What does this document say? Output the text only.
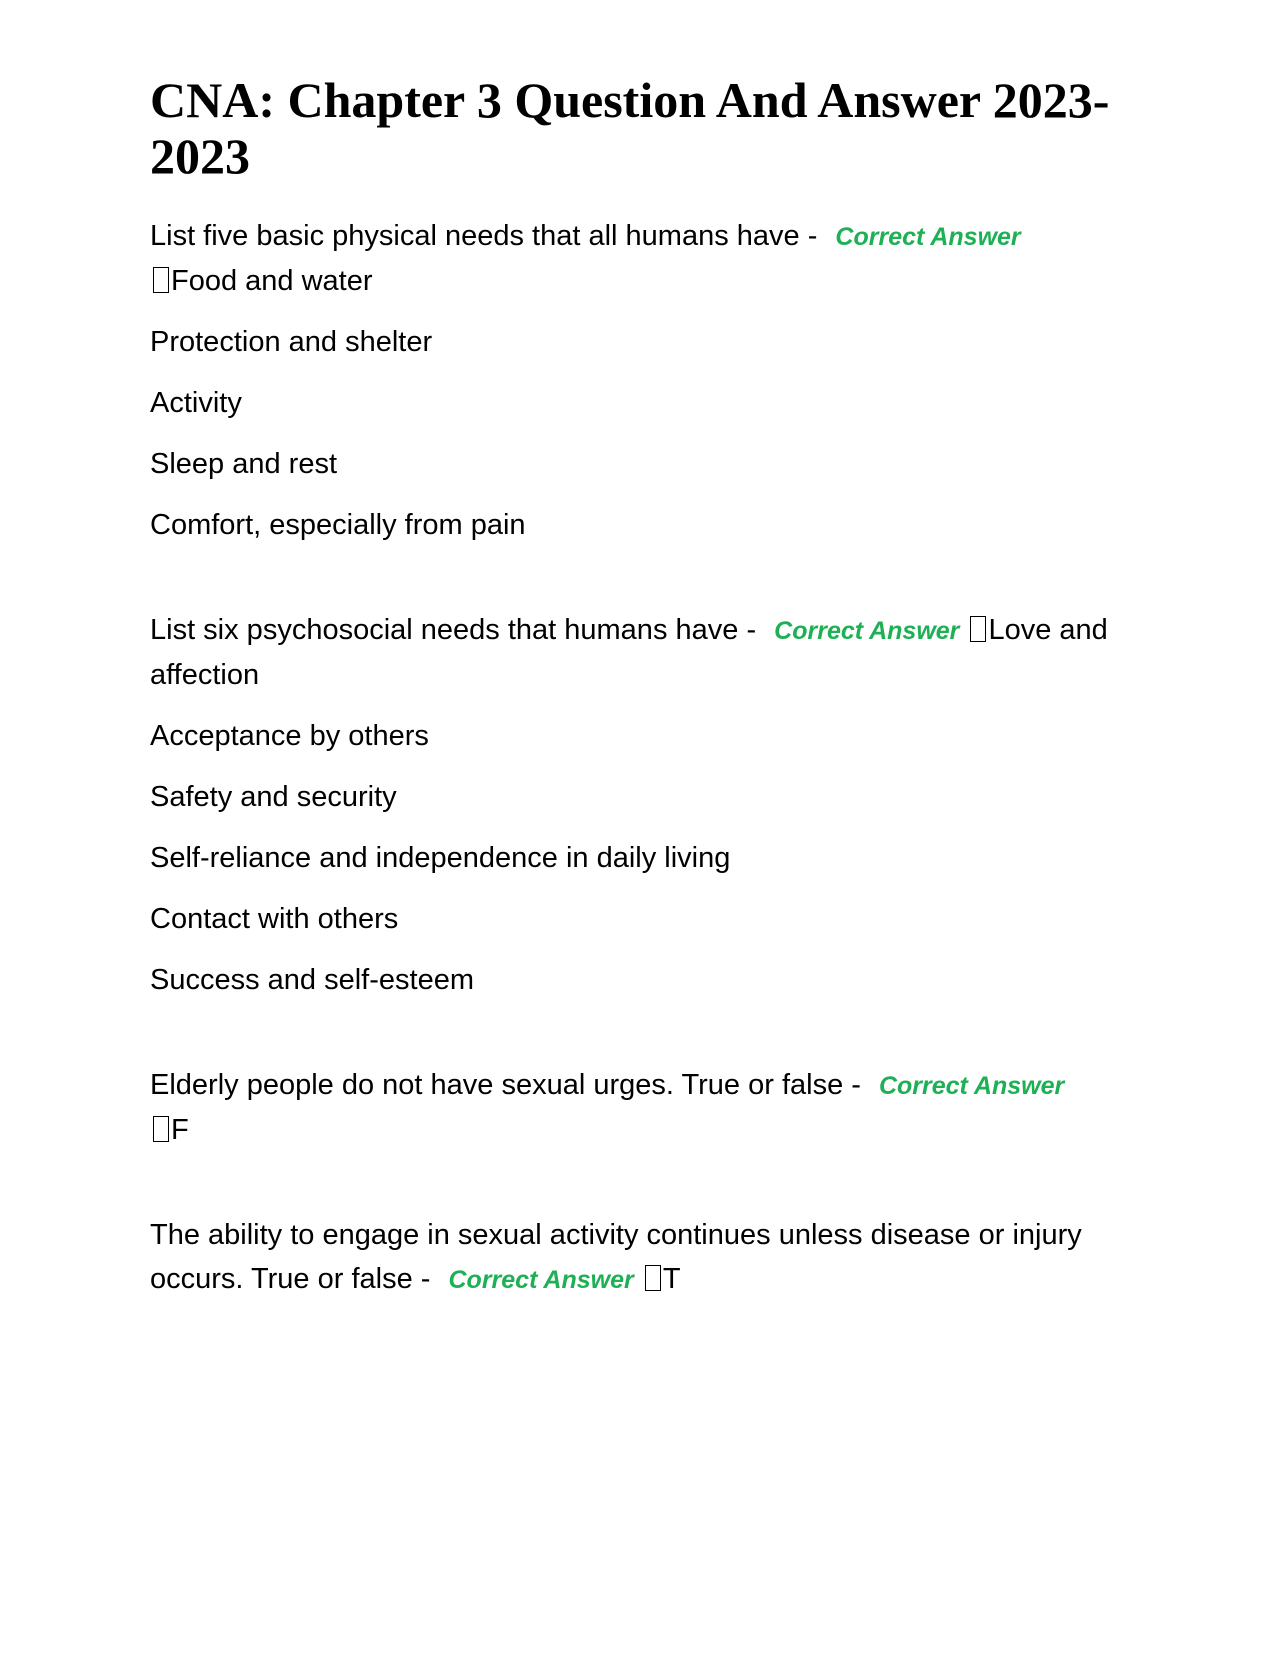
CNA: Chapter 3 Question And Answer 2023-2023

List five basic physical needs that all humans have - Correct Answer
Food and water

Protection and shelter

Activity

Sleep and rest

Comfort, especially from pain

List six psychosocial needs that humans have - Correct Answer Love and affection

Acceptance by others

Safety and security

Self-reliance and independence in daily living

Contact with others

Success and self-esteem

Elderly people do not have sexual urges. True or false - Correct Answer
F

The ability to engage in sexual activity continues unless disease or injury occurs. True or false - Correct Answer T
